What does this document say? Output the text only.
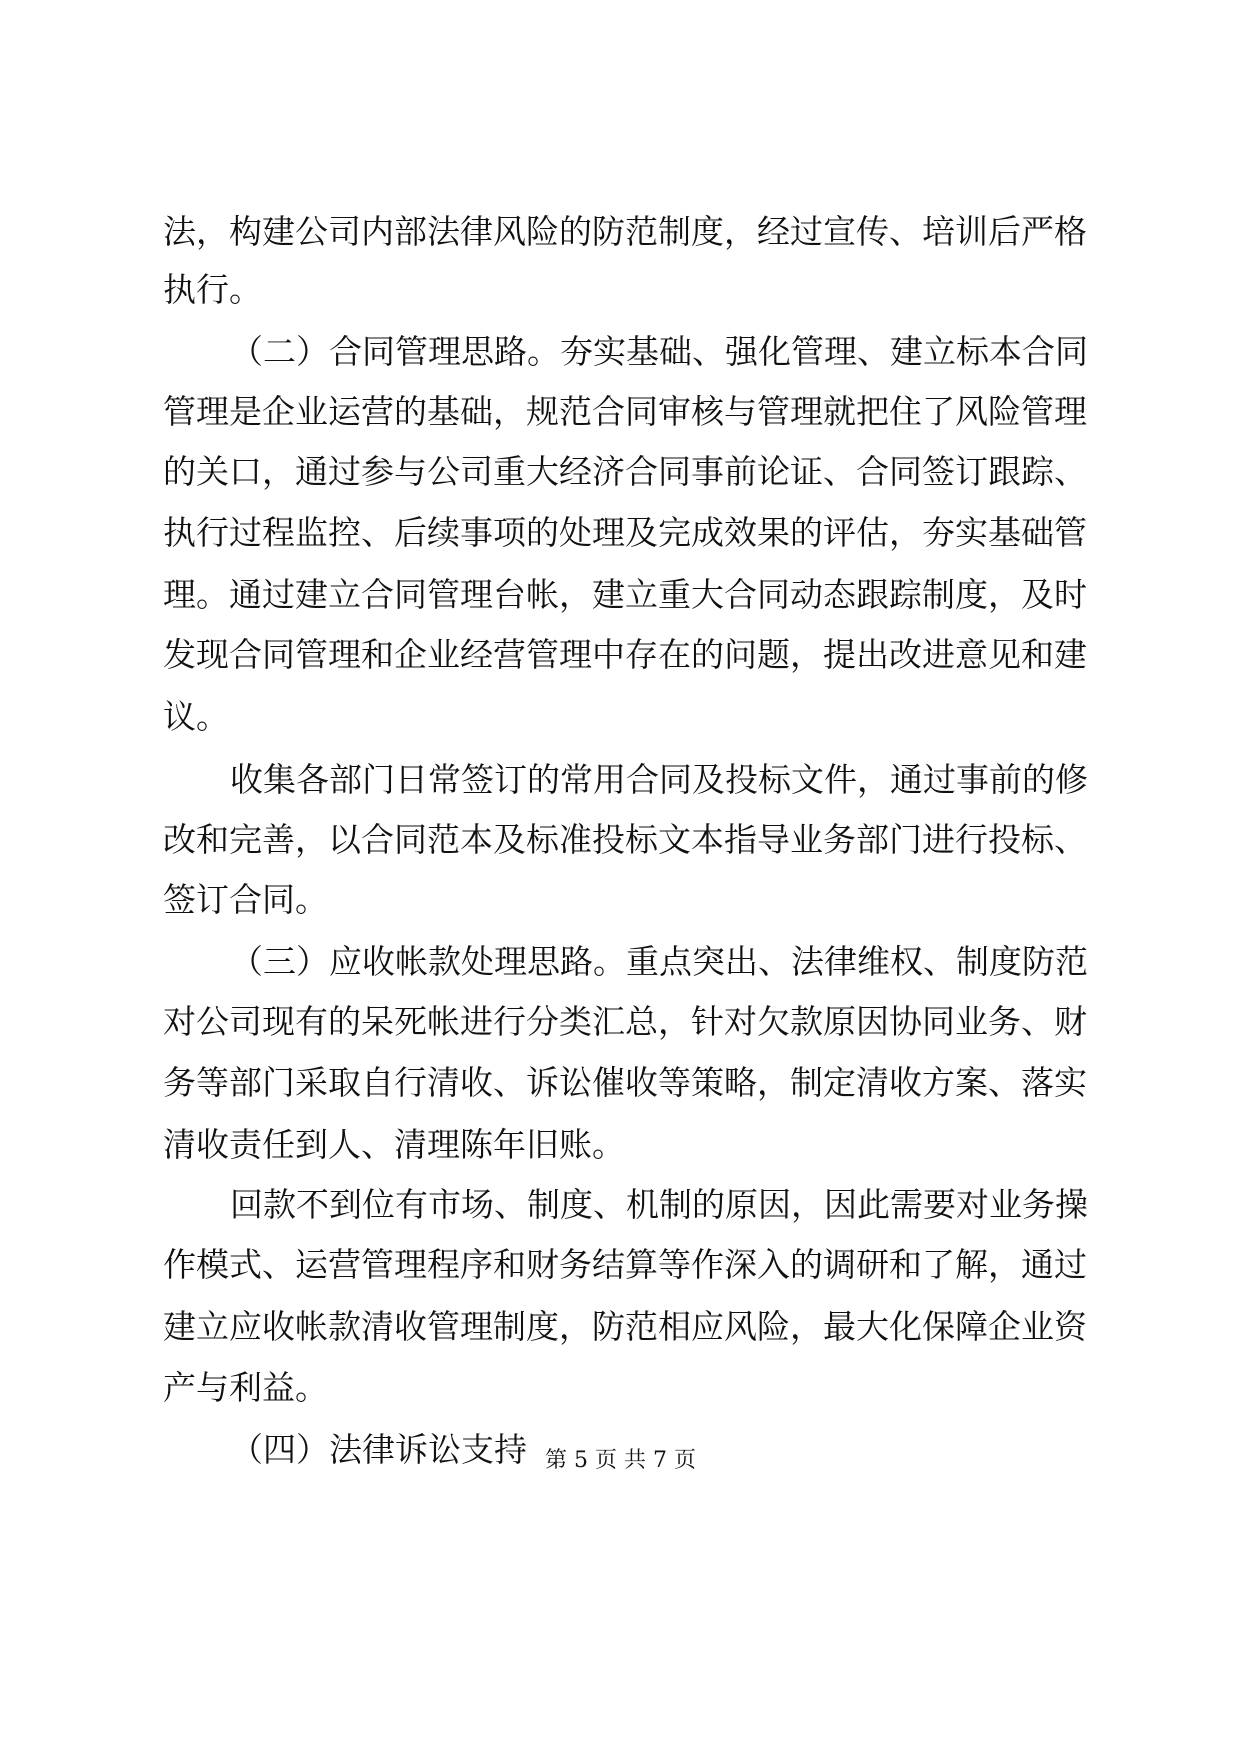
法，构建公司内部法律风险的防范制度，经过宣传、培训后严格
执行。
（二）合同管理思路。夯实基础、强化管理、建立标本合同
管理是企业运营的基础，规范合同审核与管理就把住了风险管理
的关口，通过参与公司重大经济合同事前论证、合同签订跟踪、
执行过程监控、后续事项的处理及完成效果的评估，夯实基础管
理。通过建立合同管理台帐，建立重大合同动态跟踪制度，及时
发现合同管理和企业经营管理中存在的问题，提出改进意见和建
议。
收集各部门日常签订的常用合同及投标文件，通过事前的修
改和完善，以合同范本及标准投标文本指导业务部门进行投标、
签订合同。
（三）应收帐款处理思路。重点突出、法律维权、制度防范
对公司现有的呆死帐进行分类汇总，针对欠款原因协同业务、财
务等部门采取自行清收、诉讼催收等策略，制定清收方案、落实
清收责任到人、清理陈年旧账。
回款不到位有市场、制度、机制的原因，因此需要对业务操
作模式、运营管理程序和财务结算等作深入的调研和了解，通过
建立应收帐款清收管理制度，防范相应风险，最大化保障企业资
产与利益。
（四）法律诉讼支持 第 5 页 共 7 页
